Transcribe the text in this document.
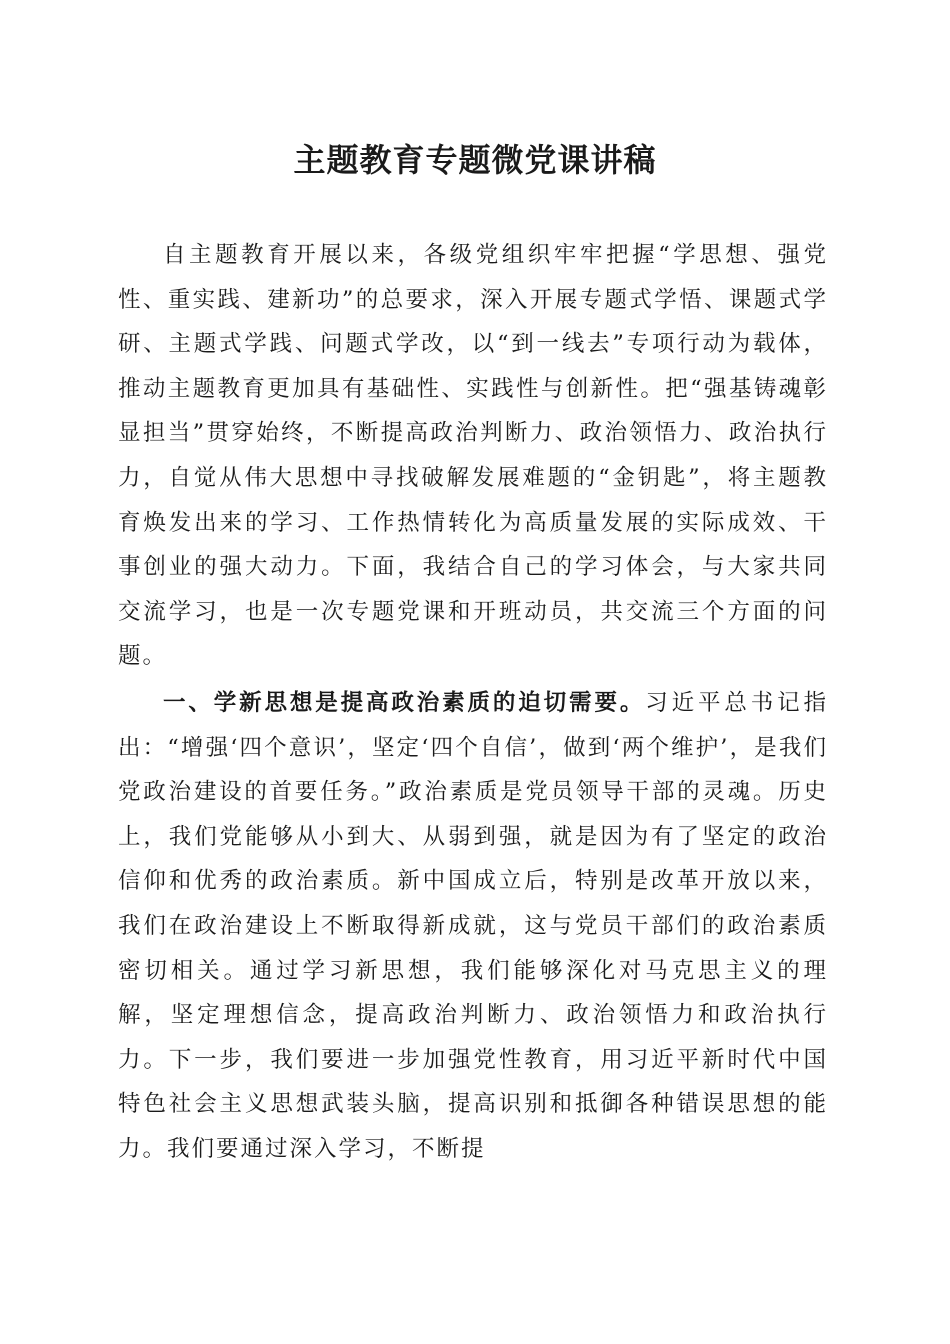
主题教育专题微党课讲稿

自主题教育开展以来，各级党组织牢牢把握“学思想、强党性、重实践、建新功”的总要求，深入开展专题式学悟、课题式学研、主题式学践、问题式学改，以“到一线去”专项行动为载体，推动主题教育更加具有基础性、实践性与创新性。把“强基铸魂彰显担当”贯穿始终，不断提高政治判断力、政治领悟力、政治执行力，自觉从伟大思想中寻找破解发展难题的“金钥匙”，将主题教育焕发出来的学习、工作热情转化为高质量发展的实际成效、干事创业的强大动力。下面，我结合自己的学习体会，与大家共同交流学习，也是一次专题党课和开班动员，共交流三个方面的问题。

一、学新思想是提高政治素质的迫切需要。习近平总书记指出：“增强‘四个意识’，坚定‘四个自信’，做到‘两个维护’，是我们党政治建设的首要任务。”政治素质是党员领导干部的灵魂。历史上，我们党能够从小到大、从弱到强，就是因为有了坚定的政治信仰和优秀的政治素质。新中国成立后，特别是改革开放以来，我们在政治建设上不断取得新成就，这与党员干部们的政治素质密切相关。通过学习新思想，我们能够深化对马克思主义的理解，坚定理想信念，提高政治判断力、政治领悟力和政治执行力。下一步，我们要进一步加强党性教育，用习近平新时代中国特色社会主义思想武装头脑，提高识别和抵御各种错误思想的能力。我们要通过深入学习，不断提
